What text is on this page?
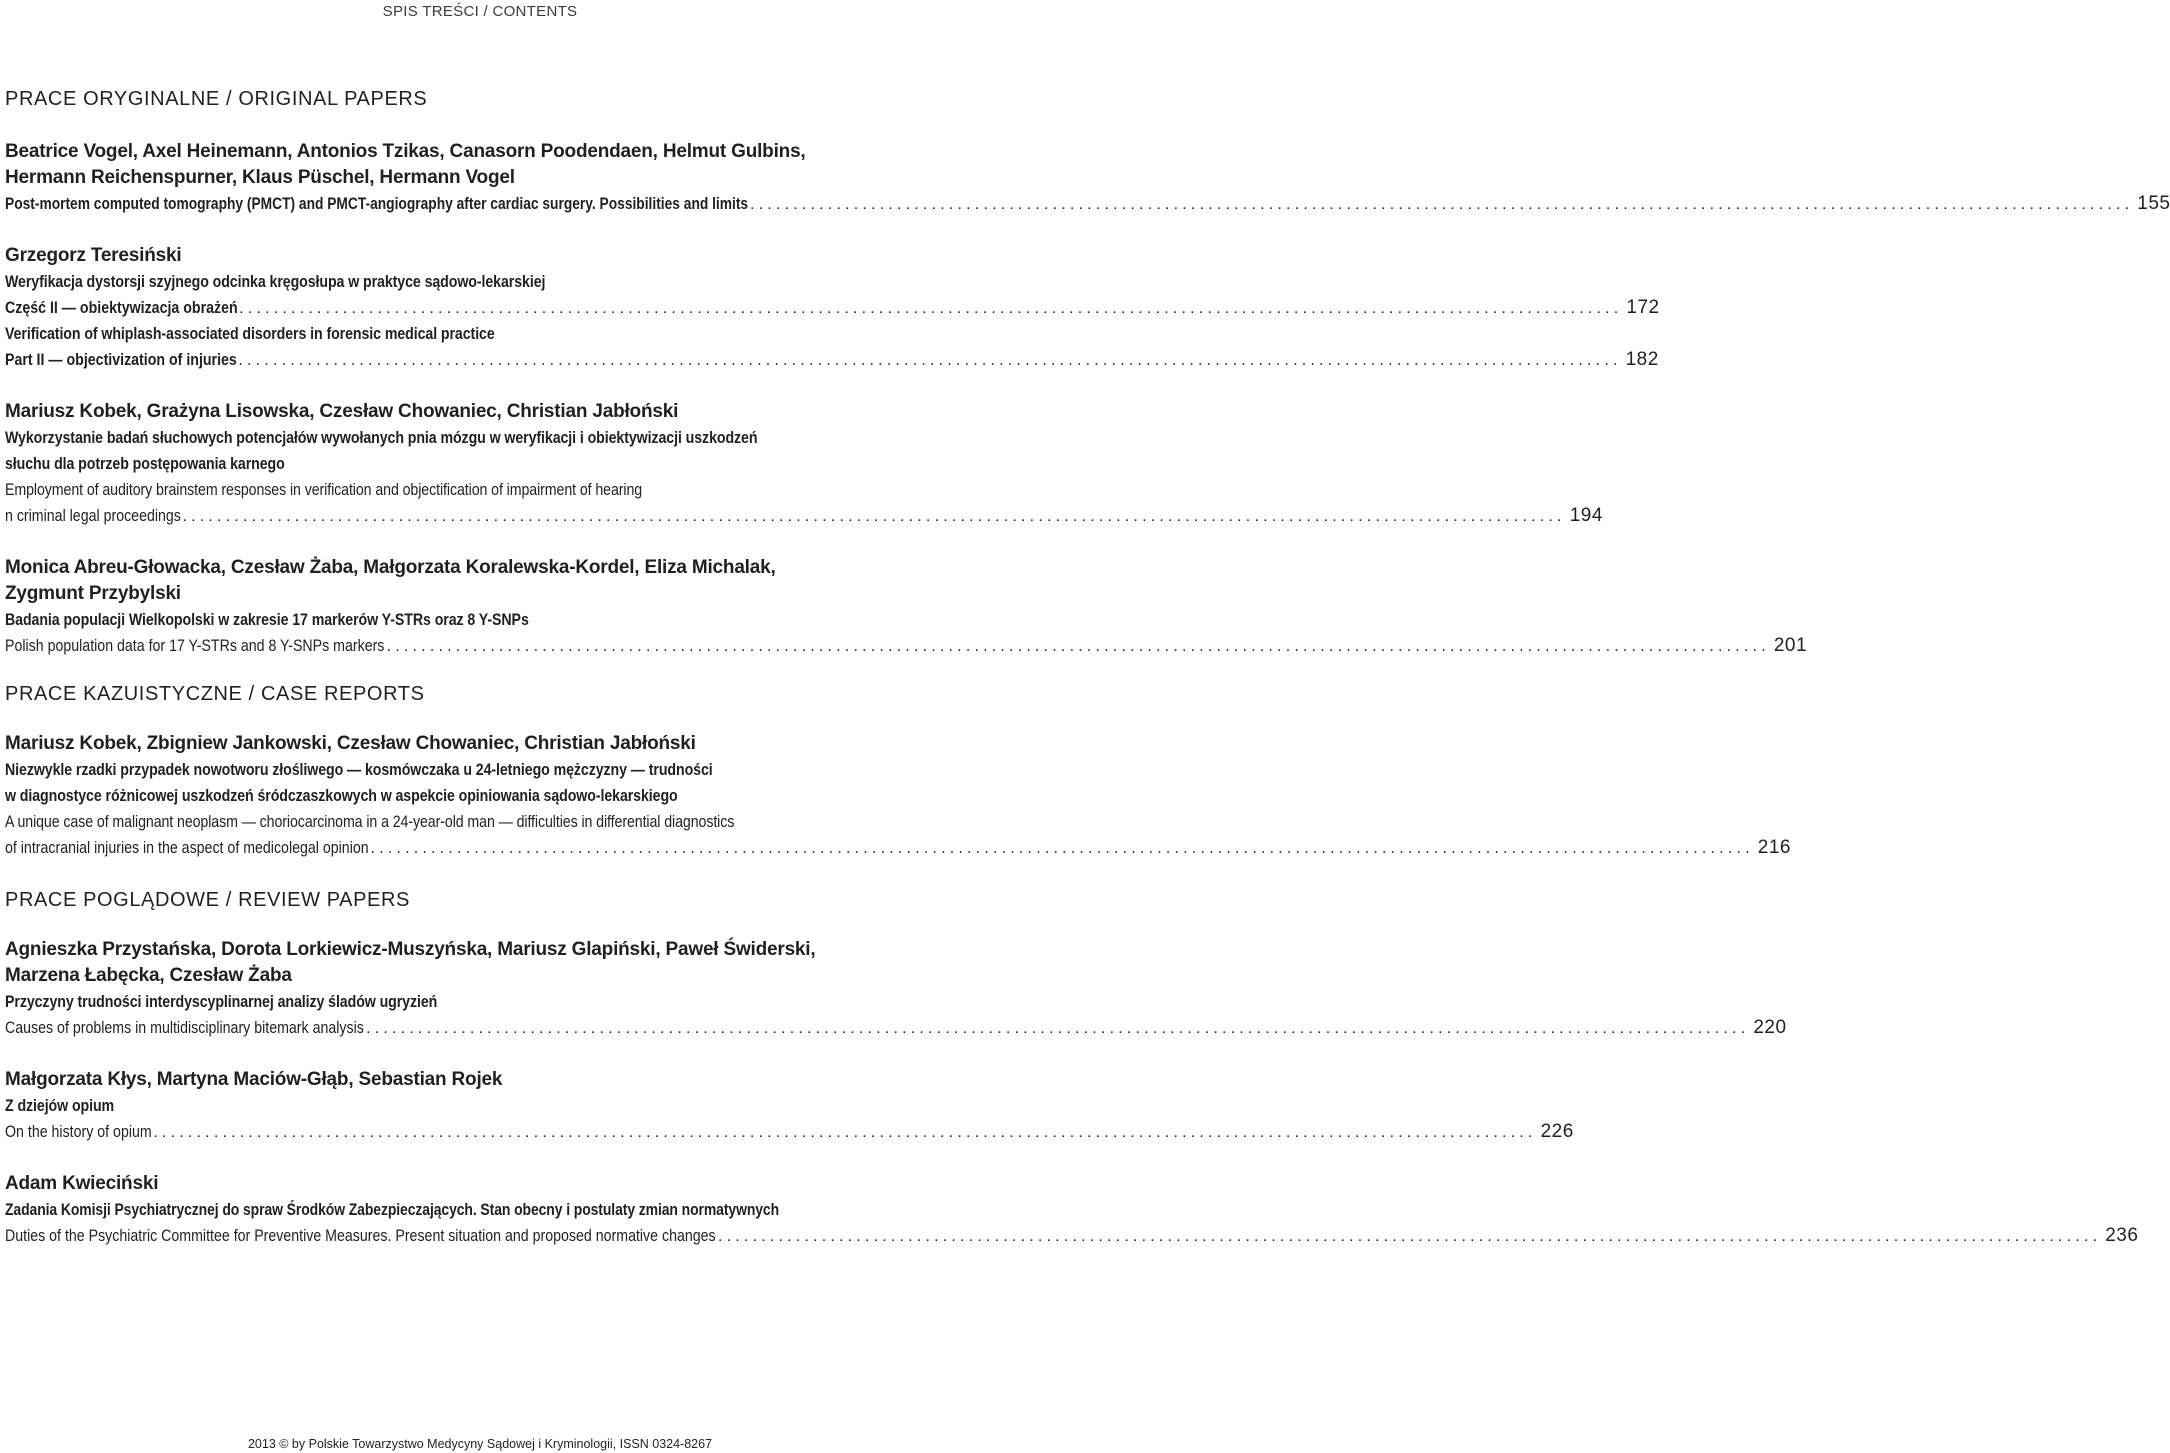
SPIS TREŚCI / CONTENTS
PRACE ORYGINALNE / ORIGINAL PAPERS
Beatrice Vogel, Axel Heinemann, Antonios Tzikas, Canasorn Poodendaen, Helmut Gulbins,
Hermann Reichenspurner, Klaus Püschel, Hermann Vogel
Post-mortem computed tomography (PMCT) and PMCT-angiography after cardiac surgery. Possibilities and limits ................................................................................................................................................................ 155
Grzegorz Teresiński
Weryfikacja dystorsji szyjnego odcinka kręgosłupa w praktyce sądowo-lekarskiej
Część II — obiektywizacja obrażeń ................................................................................................................................................................ 172
Verification of whiplash-associated disorders in forensic medical practice
Part II — objectivization of injuries ................................................................................................................................................................ 182
Mariusz Kobek, Grażyna Lisowska, Czesław Chowaniec, Christian Jabłoński
Wykorzystanie badań słuchowych potencjałów wywołanych pnia mózgu w weryfikacji i obiektywizacji uszkodzeń
słuchu dla potrzeb postępowania karnego
Employment of auditory brainstem responses in verification and objectification of impairment of hearing
n criminal legal proceedings ................................................................................................................................................................ 194
Monica Abreu-Głowacka, Czesław Żaba, Małgorzata Koralewska-Kordel, Eliza Michalak,
Zygmunt Przybylski
Badania populacji Wielkopolski w zakresie 17 markerów Y-STRs oraz 8 Y-SNPs
Polish population data for 17 Y-STRs and 8 Y-SNPs markers ................................................................................................................................................................ 201
PRACE KAZUISTYCZNE / CASE REPORTS
Mariusz Kobek, Zbigniew Jankowski, Czesław Chowaniec, Christian Jabłoński
Niezwykle rzadki przypadek nowotworu złośliwego — kosmówczaka u 24-letniego mężczyzny — trudności
w diagnostyce różnicowej uszkodzeń śródczaszkowych w aspekcie opiniowania sądowo-lekarskiego
A unique case of malignant neoplasm — choriocarcinoma in a 24-year-old man — difficulties in differential diagnostics
of intracranial injuries in the aspect of medicolegal opinion ................................................................................................................................................................ 216
PRACE POGLĄDOWE / REVIEW PAPERS
Agnieszka Przystańska, Dorota Lorkiewicz-Muszyńska, Mariusz Glapiński, Paweł Świderski,
Marzena Łabęcka, Czesław Żaba
Przyczyny trudności interdyscyplinarnej analizy śladów ugryzień
Causes of problems in multidisciplinary bitemark analysis ................................................................................................................................................................ 220
Małgorzata Kłys, Martyna Maciów-Głąb, Sebastian Rojek
Z dziejów opium
On the history of opium ................................................................................................................................................................ 226
Adam Kwieciński
Zadania Komisji Psychiatrycznej do spraw Środków Zabezpieczających. Stan obecny i postulaty zmian normatywnych
Duties of the Psychiatric Committee for Preventive Measures. Present situation and proposed normative changes ................................................................................................................................................................ 236
2013 © by Polskie Towarzystwo Medycyny Sądowej i Kryminologii, ISSN 0324-8267
